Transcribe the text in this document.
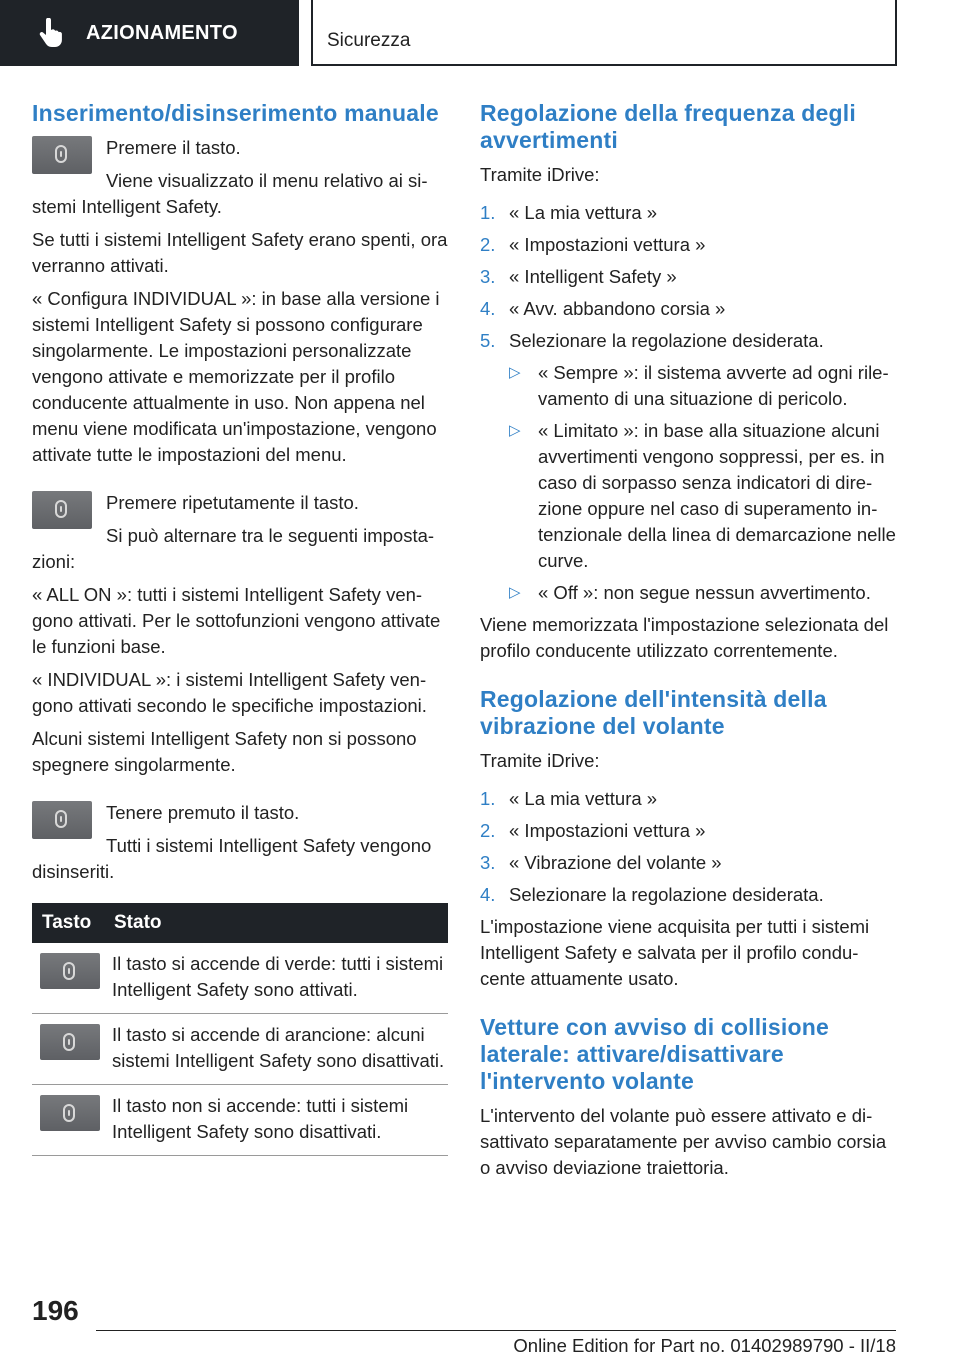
AZIONAMENTO	Sicurezza
Inserimento/disinserimento manuale

Premere il tasto.

Viene visualizzato il menu relativo ai sistemi Intelligent Safety.

Se tutti i sistemi Intelligent Safety erano spenti, ora verranno attivati.

« Configura INDIVIDUAL »: in base alla versione i sistemi Intelligent Safety si possono configurare singolarmente. Le impostazioni personalizzate vengono attivate e memorizzate per il profilo conducente attualmente in uso. Non appena nel menu viene modificata un'impostazione, vengono attivate tutte le impostazioni del menu.

Premere ripetutamente il tasto.

Si può alternare tra le seguenti impostazioni:

« ALL ON »: tutti i sistemi Intelligent Safety vengono attivati. Per le sottofunzioni vengono attivate le funzioni base.

« INDIVIDUAL »: i sistemi Intelligent Safety vengono attivati secondo le specifiche impostazioni.

Alcuni sistemi Intelligent Safety non si possono spegnere singolarmente.

Tenere premuto il tasto.

Tutti i sistemi Intelligent Safety vengono disinseriti.

Tasto	Stato

	Il tasto si accende di verde: tutti i sistemi Intelligent Safety sono attivati.

	Il tasto si accende di arancione: alcuni sistemi Intelligent Safety sono disattivati.

	Il tasto non si accende: tutti i sistemi Intelligent Safety sono disattivati.
Regolazione della frequenza degli avvertimenti

Tramite iDrive:

1. « La mia vettura »
2. « Impostazioni vettura »
3. « Intelligent Safety »
4. « Avv. abbandono corsia »
5. Selezionare la regolazione desiderata.
▷ « Sempre »: il sistema avverte ad ogni rilevamento di una situazione di pericolo.
▷ « Limitato »: in base alla situazione alcuni avvertimenti vengono soppressi, per es. in caso di sorpasso senza indicatori di direzione oppure nel caso di superamento intenzionale della linea di demarcazione nelle curve.
▷ « Off »: non segue nessun avvertimento.

Viene memorizzata l'impostazione selezionata del profilo conducente utilizzato correntemente.

Regolazione dell'intensità della vibrazione del volante

Tramite iDrive:

1. « La mia vettura »
2. « Impostazioni vettura »
3. « Vibrazione del volante »
4. Selezionare la regolazione desiderata.

L'impostazione viene acquisita per tutti i sistemi Intelligent Safety e salvata per il profilo conducente attuamente usato.

Vetture con avviso di collisione laterale: attivare/disattivare l'intervento volante

L'intervento del volante può essere attivato e disattivato separatamente per avviso cambio corsia o avviso deviazione traiettoria.

196
Online Edition for Part no. 01402989790 - II/18
